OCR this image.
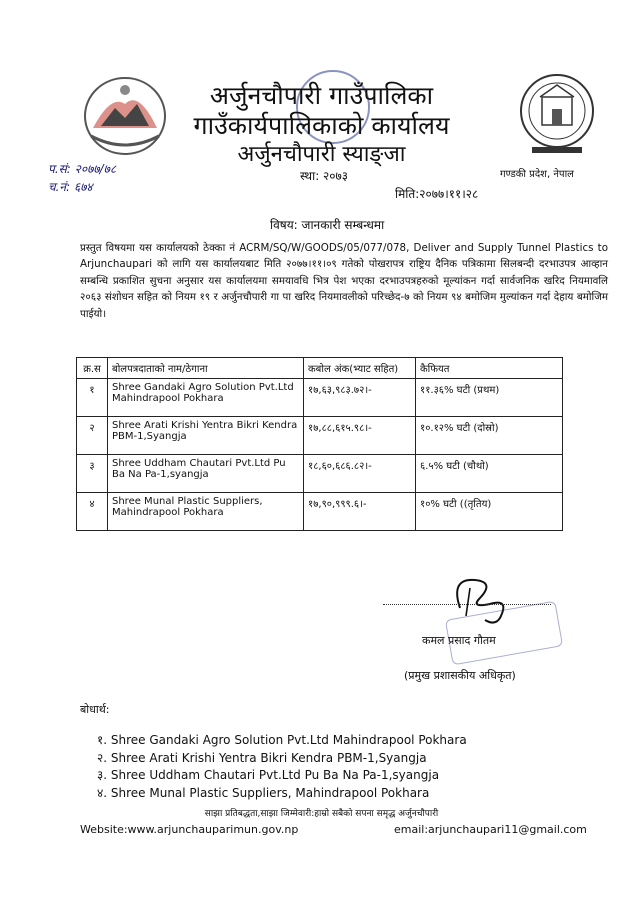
अर्जुनचौपारी गाउँपालिका
गाउँकार्यपालिकाको कार्यालय
अर्जुनचौपारी स्याङ्जा
स्था: २०७३	गण्डकी प्रदेश, नेपाल
मिति:२०७७।११।२८
प.सं: २०७७/७८
च.नं: ६७४
विषय: जानकारी सम्बन्धमा
प्रस्तुत विषयमा यस कार्यालयको ठेक्का नं ACRM/SQ/W/GOODS/05/077/078, Deliver and Supply Tunnel Plastics to Arjunchaupari को लागि यस कार्यालयबाट मिति २०७७।११।०९ गतेको पोखरापत्र राष्ट्रिय दैनिक पत्रिकामा सिलबन्दी दरभाउपत्र आव्हान सम्बन्धि प्रकाशित सुचना अनुसार यस कार्यालयमा समयावधि भित्र पेश भएका दरभाउपत्रहरुको मूल्यांकन गर्दा सार्वजनिक खरिद नियमावलि २०६३ संशोधन सहित को नियम १९ र अर्जुनचौपारी गा पा खरिद नियमावलीको परिच्छेद-७ को नियम ९४ बमोजिम मुल्यांकन गर्दा देहाय बमोजिम पाईयो।
क्र.स	बोलपत्रदाताको नाम/ठेगाना	कबोल अंक(भ्याट सहित)	कैफियत
१	Shree Gandaki Agro Solution Pvt.Ltd Mahindrapool Pokhara	१७,६३,९८३.७२।-	११.३६% घटी (प्रथम)
२	Shree Arati Krishi Yentra Bikri Kendra PBM-1,Syangja	१७,८८,६१५.९८।-	१०.१२% घटी (दोस्रो)
३	Shree Uddham Chautari Pvt.Ltd Pu Ba Na Pa-1,syangja	१८,६०,६८६.८२।-	६.५% घटी (चौथो)
४	Shree Munal Plastic Suppliers, Mahindrapool Pokhara	१७,९०,९९९.६।-	१०% घटी ((तृतिय)
कमल प्रसाद गौतम
(प्रमुख प्रशासकीय अधिकृत)
बोधार्थ:
१. Shree Gandaki Agro Solution Pvt.Ltd Mahindrapool Pokhara
२. Shree Arati Krishi Yentra Bikri Kendra PBM-1,Syangja
३. Shree Uddham Chautari Pvt.Ltd Pu Ba Na Pa-1,syangja
४. Shree Munal Plastic Suppliers, Mahindrapool Pokhara
साझा प्रतिबद्धता,साझा जिम्मेवारी:हाम्रो सबैको सपना समृद्ध अर्जुनचौपारी
Website:www.arjunchauparimun.gov.np	email:arjunchaupari11@gmail.com
